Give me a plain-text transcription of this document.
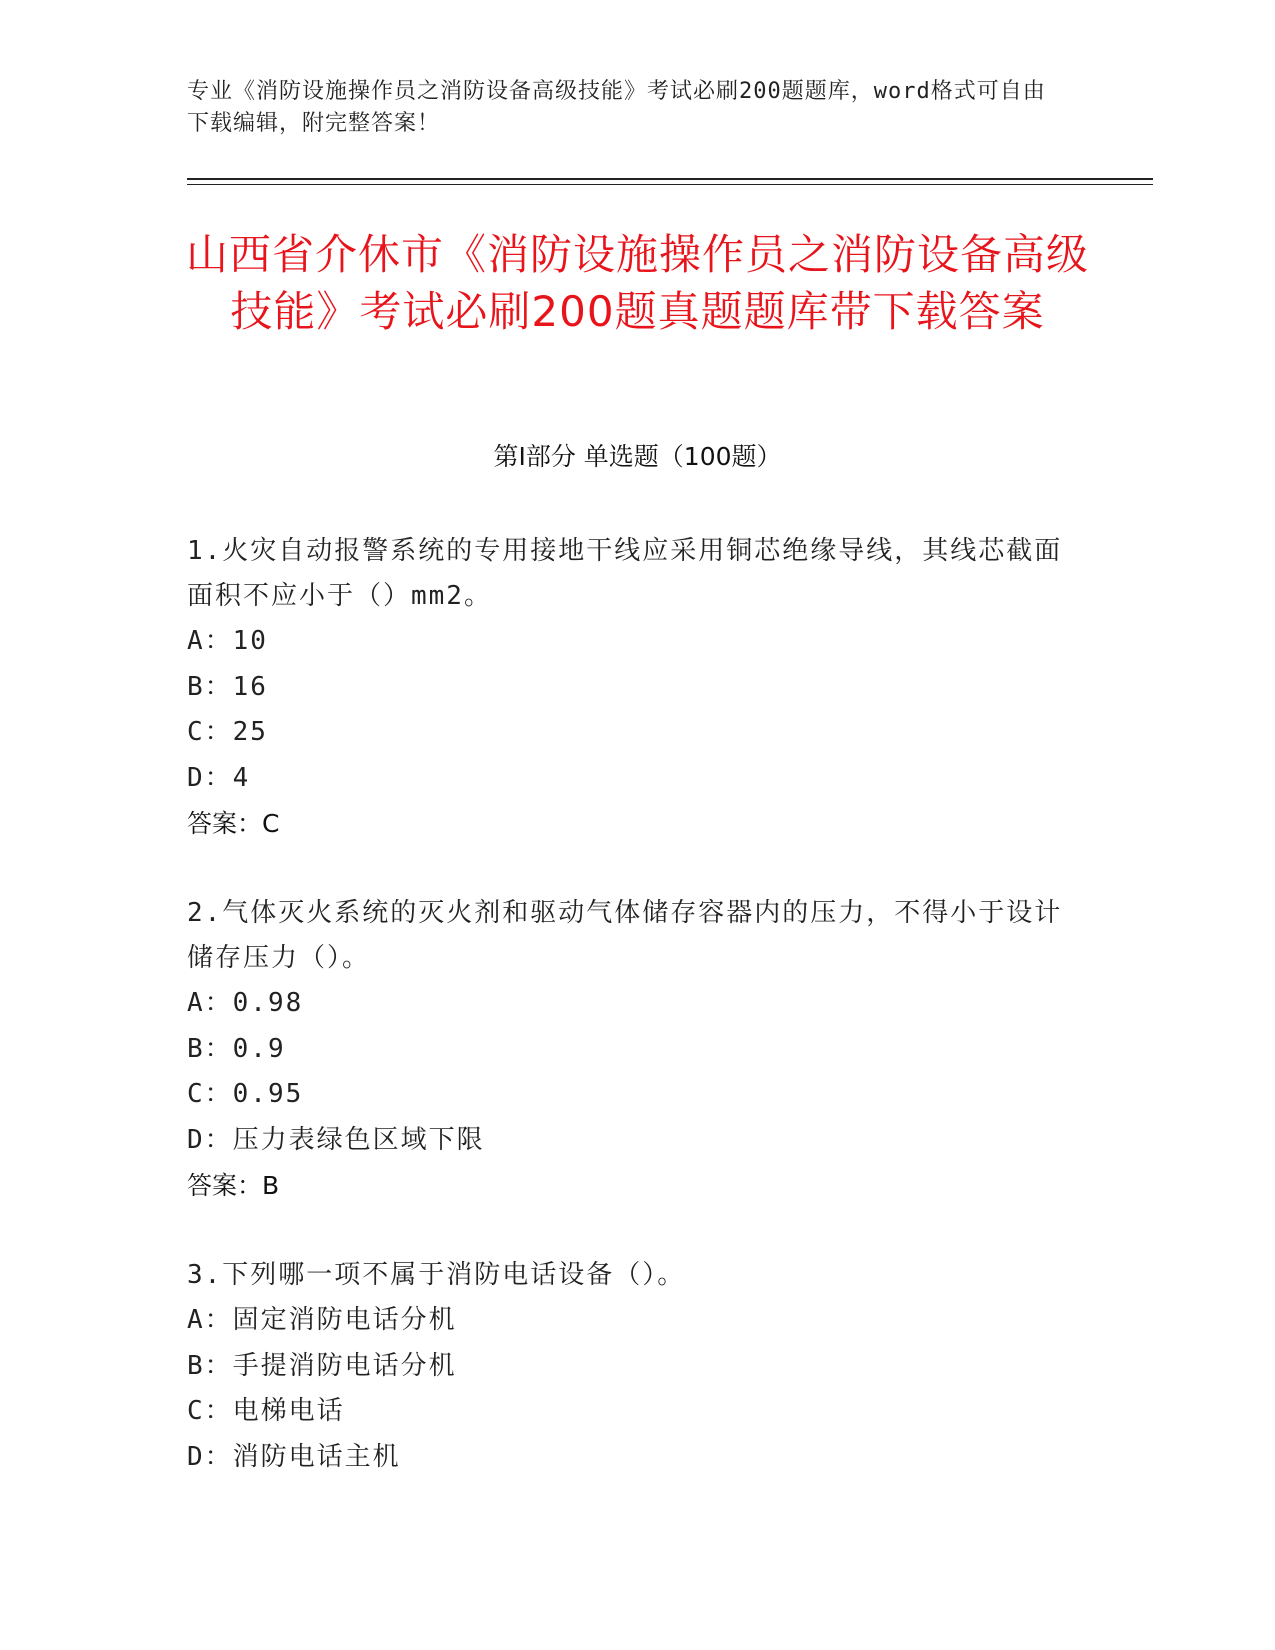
专业《消防设施操作员之消防设备高级技能》考试必刷200题题库，word格式可自由下载编辑，附完整答案！
山西省介休市《消防设施操作员之消防设备高级技能》考试必刷200题真题题库带下载答案
第Ⅰ部分 单选题（100题）
1.火灾自动报警系统的专用接地干线应采用铜芯绝缘导线，其线芯截面面积不应小于（）mm2。
A：10
B：16
C：25
D：4
答案：C
2.气体灭火系统的灭火剂和驱动气体储存容器内的压力，不得小于设计储存压力（）。
A：0.98
B：0.9
C：0.95
D：压力表绿色区域下限
答案：B
3.下列哪一项不属于消防电话设备（）。
A：固定消防电话分机
B：手提消防电话分机
C：电梯电话
D：消防电话主机
